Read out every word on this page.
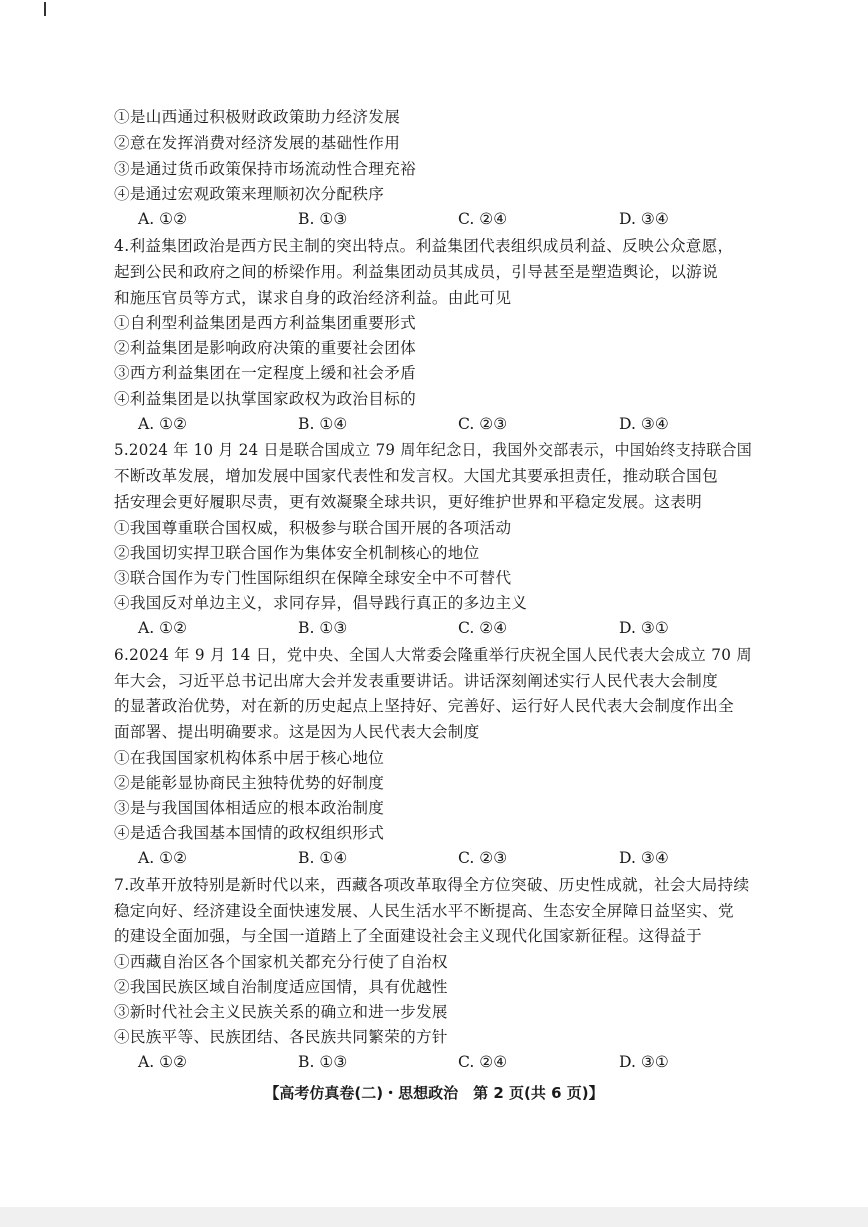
①是山西通过积极财政政策助力经济发展
②意在发挥消费对经济发展的基础性作用
③是通过货币政策保持市场流动性合理充裕
④是通过宏观政策来理顺初次分配秩序
A. ①②	B. ①③	C. ②④	D. ③④
4.利益集团政治是西方民主制的突出特点。利益集团代表组织成员利益、反映公众意愿，
起到公民和政府之间的桥梁作用。利益集团动员其成员，引导甚至是塑造舆论，以游说
和施压官员等方式，谋求自身的政治经济利益。由此可见
①自利型利益集团是西方利益集团重要形式
②利益集团是影响政府决策的重要社会团体
③西方利益集团在一定程度上缓和社会矛盾
④利益集团是以执掌国家政权为政治目标的
A. ①②	B. ①④	C. ②③	D. ③④
5.2024 年 10 月 24 日是联合国成立 79 周年纪念日，我国外交部表示，中国始终支持联合国
不断改革发展，增加发展中国家代表性和发言权。大国尤其要承担责任，推动联合国包
括安理会更好履职尽责，更有效凝聚全球共识，更好维护世界和平稳定发展。这表明
①我国尊重联合国权威，积极参与联合国开展的各项活动
②我国切实捍卫联合国作为集体安全机制核心的地位
③联合国作为专门性国际组织在保障全球安全中不可替代
④我国反对单边主义，求同存异，倡导践行真正的多边主义
A. ①②	B. ①③	C. ②④	D. ③①
6.2024 年 9 月 14 日，党中央、全国人大常委会隆重举行庆祝全国人民代表大会成立 70 周
年大会，习近平总书记出席大会并发表重要讲话。讲话深刻阐述实行人民代表大会制度
的显著政治优势，对在新的历史起点上坚持好、完善好、运行好人民代表大会制度作出全
面部署、提出明确要求。这是因为人民代表大会制度
①在我国国家机构体系中居于核心地位
②是能彰显协商民主独特优势的好制度
③是与我国国体相适应的根本政治制度
④是适合我国基本国情的政权组织形式
A. ①②	B. ①④	C. ②③	D. ③④
7.改革开放特别是新时代以来，西藏各项改革取得全方位突破、历史性成就，社会大局持续
稳定向好、经济建设全面快速发展、人民生活水平不断提高、生态安全屏障日益坚实、党
的建设全面加强，与全国一道踏上了全面建设社会主义现代化国家新征程。这得益于
①西藏自治区各个国家机关都充分行使了自治权
②我国民族区域自治制度适应国情，具有优越性
③新时代社会主义民族关系的确立和进一步发展
④民族平等、民族团结、各民族共同繁荣的方针
A. ①②	B. ①③	C. ②④	D. ③①
【高考仿真卷(二)・思想政治　第 2 页(共 6 页)】
